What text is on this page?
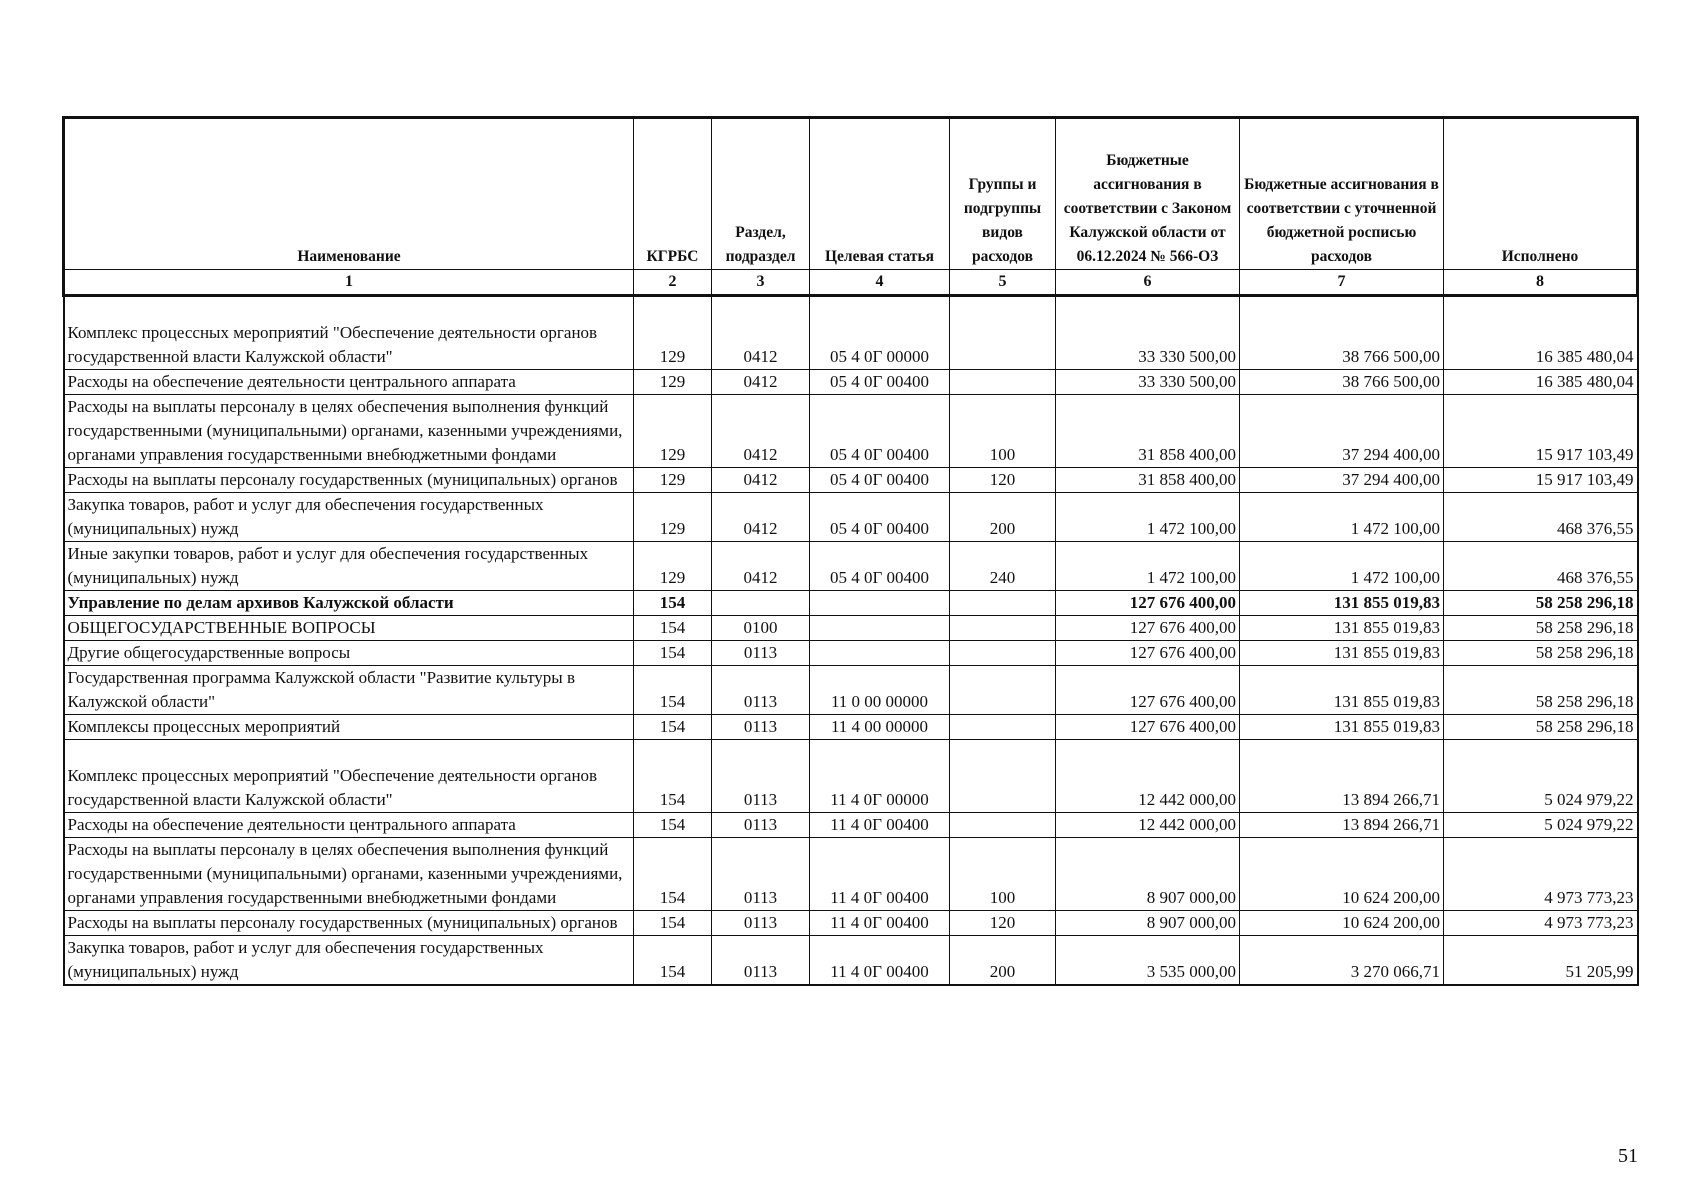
Наименование	КГРБС	Раздел, подраздел	Целевая статья	Группы и подгруппы видов расходов	Бюджетные ассигнования в соответствии с Законом Калужской области от 06.12.2024 № 566-ОЗ	Бюджетные ассигнования в соответствии с уточненной бюджетной росписью расходов	Исполнено
1	2	3	4	5	6	7	8
Комплекс процессных мероприятий "Обеспечение деятельности органов государственной власти Калужской области"	129	0412	05 4 0Г 00000		33 330 500,00	38 766 500,00	16 385 480,04
Расходы на обеспечение деятельности центрального аппарата	129	0412	05 4 0Г 00400		33 330 500,00	38 766 500,00	16 385 480,04
Расходы на выплаты персоналу в целях обеспечения выполнения функций государственными (муниципальными) органами, казенными учреждениями, органами управления государственными внебюджетными фондами	129	0412	05 4 0Г 00400	100	31 858 400,00	37 294 400,00	15 917 103,49
Расходы на выплаты персоналу государственных (муниципальных) органов	129	0412	05 4 0Г 00400	120	31 858 400,00	37 294 400,00	15 917 103,49
Закупка товаров, работ и услуг для обеспечения государственных (муниципальных) нужд	129	0412	05 4 0Г 00400	200	1 472 100,00	1 472 100,00	468 376,55
Иные закупки товаров, работ и услуг для обеспечения государственных (муниципальных) нужд	129	0412	05 4 0Г 00400	240	1 472 100,00	1 472 100,00	468 376,55
Управление по делам архивов Калужской области	154				127 676 400,00	131 855 019,83	58 258 296,18
ОБЩЕГОСУДАРСТВЕННЫЕ ВОПРОСЫ	154	0100			127 676 400,00	131 855 019,83	58 258 296,18
Другие общегосударственные вопросы	154	0113			127 676 400,00	131 855 019,83	58 258 296,18
Государственная программа Калужской области "Развитие культуры в Калужской области"	154	0113	11 0 00 00000		127 676 400,00	131 855 019,83	58 258 296,18
Комплексы процессных мероприятий	154	0113	11 4 00 00000		127 676 400,00	131 855 019,83	58 258 296,18
Комплекс процессных мероприятий "Обеспечение деятельности органов государственной власти Калужской области"	154	0113	11 4 0Г 00000		12 442 000,00	13 894 266,71	5 024 979,22
Расходы на обеспечение деятельности центрального аппарата	154	0113	11 4 0Г 00400		12 442 000,00	13 894 266,71	5 024 979,22
Расходы на выплаты персоналу в целях обеспечения выполнения функций государственными (муниципальными) органами, казенными учреждениями, органами управления государственными внебюджетными фондами	154	0113	11 4 0Г 00400	100	8 907 000,00	10 624 200,00	4 973 773,23
Расходы на выплаты персоналу государственных (муниципальных) органов	154	0113	11 4 0Г 00400	120	8 907 000,00	10 624 200,00	4 973 773,23
Закупка товаров, работ и услуг для обеспечения государственных (муниципальных) нужд	154	0113	11 4 0Г 00400	200	3 535 000,00	3 270 066,71	51 205,99
51
